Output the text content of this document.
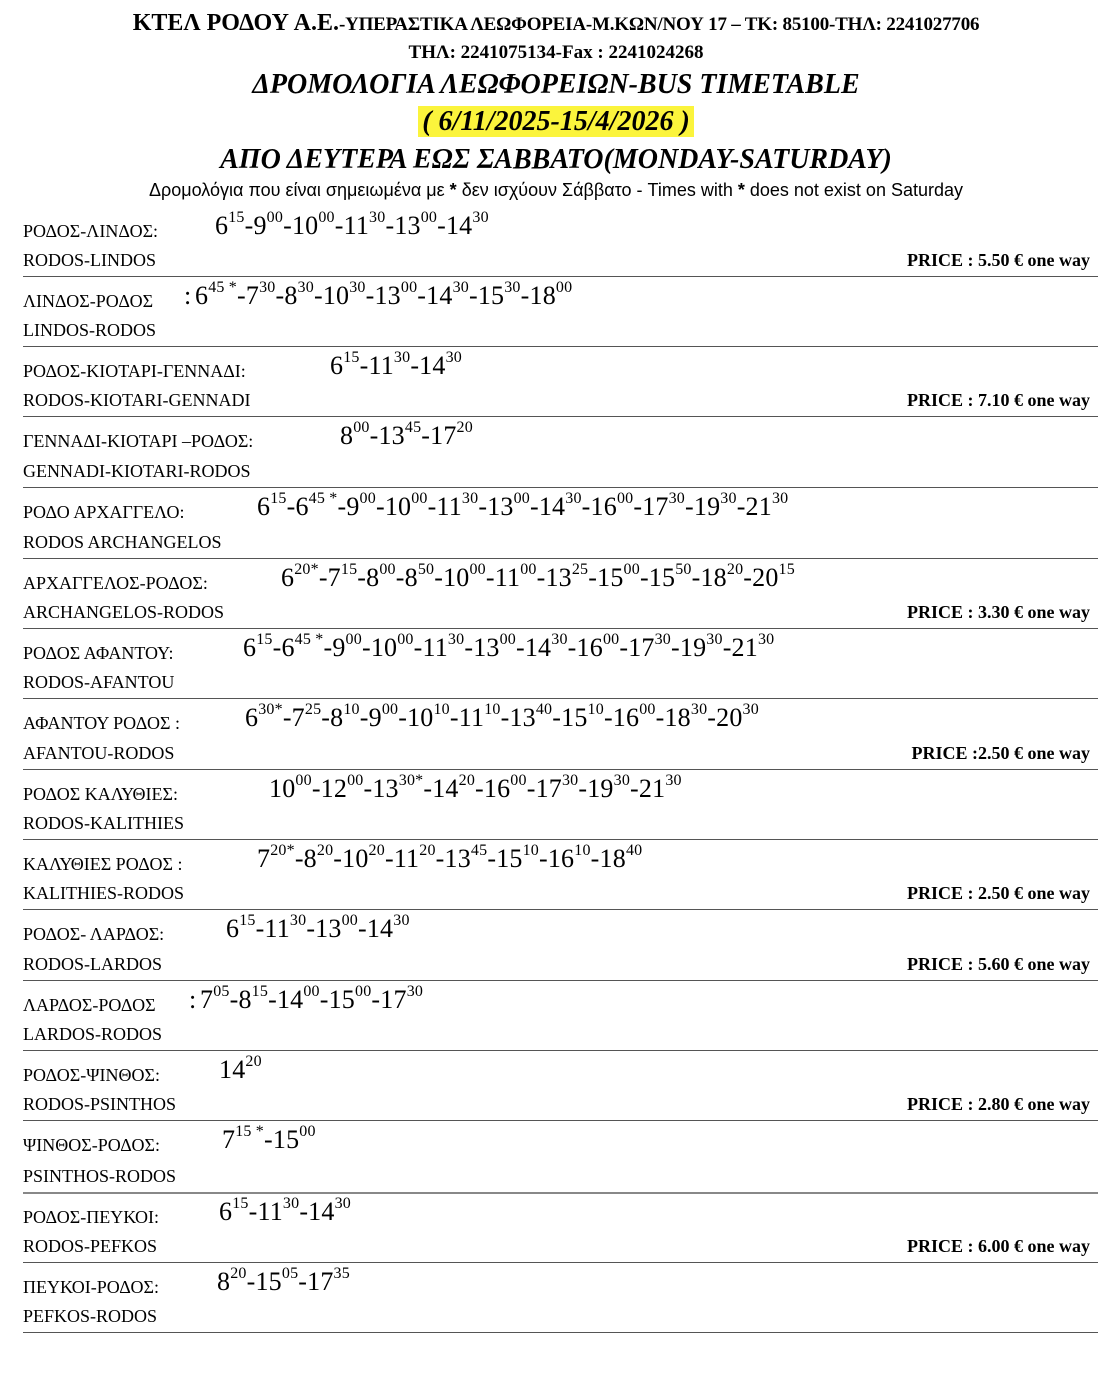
ΚΤΕΛ ΡΟΔΟΥ Α.Ε.-ΥΠΕΡΑΣΤΙΚΑ ΛΕΩΦΟΡΕΙΑ-Μ.ΚΩΝ/ΝΟΥ 17 – ΤΚ: 85100-ΤΗΛ: 2241027706
ΤΗΛ: 2241075134-Fax : 2241024268
ΔΡΟΜΟΛΟΓΙΑ ΛΕΩΦΟΡΕΙΩΝ-BUS TIMETABLE
( 6/11/2025-15/4/2026 )
ΑΠΟ ΔΕΥΤΕΡΑ ΕΩΣ ΣΑΒΒΑΤΟ(MONDAY-SATURDAY)
Δρομολόγια που είναι σημειωμένα με * δεν ισχύουν Σάββατο - Times with * does not exist on Saturday
ΡΟΔΟΣ-ΛΙΝΔΟΣ: $6^{15}-9^{00}-10^{00}-11^{30}-13^{00}-14^{30}$
RODOS-LINDOS	PRICE : 5.50 € one way
ΛΙΝΔΟΣ-ΡΟΔΟΣ : $6^{45 *}-7^{30}-8^{30}-10^{30}-13^{00}-14^{30}-15^{30}-18^{00}$
LINDOS-RODOS
ΡΟΔΟΣ-ΚΙΟΤΑΡΙ-ΓΕΝΝΑΔΙ:	$6^{15}-11^{30}-14^{30}$
RODOS-KIOTARI-GENNADI	PRICE : 7.10 € one way
ΓΕΝΝΑΔΙ-ΚΙΟΤΑΡΙ –ΡΟΔΟΣ:	$8^{00}-13^{45}-17^{20}$
GENNADI-KIOTARI-RODOS
ΡΟΔΟ ΑΡΧΑΓΓΕΛΟ:	$6^{15}-6^{45 *}-9^{00}-10^{00}-11^{30}-13^{00}-14^{30}-16^{00}-17^{30}-19^{30}-21^{30}$
RODOS ARCHANGELOS
ΑΡΧΑΓΓΕΛΟΣ-ΡΟΔΟΣ:	$6^{20*}-7^{15}-8^{00}-8^{50}-10^{00}-11^{00}-13^{25}-15^{00}-15^{50}-18^{20}-20^{15}$
ARCHANGELOS-RODOS	PRICE : 3.30 € one way
ΡΟΔΟΣ ΑΦΑΝΤΟΥ:	$6^{15}-6^{45 *}-9^{00}-10^{00}-11^{30}-13^{00}-14^{30}-16^{00}-17^{30}-19^{30}-21^{30}$
RODOS-AFANTOU
ΑΦΑΝΤΟΥ ΡΟΔΟΣ :	$6^{30*}-7^{25}-8^{10}-9^{00}-10^{10}-11^{10}-13^{40}-15^{10}-16^{00}-18^{30}-20^{30}$
AFANTOU-RODOS	PRICE :2.50 € one way
ΡΟΔΟΣ ΚΑΛΥΘΙΕΣ:	$10^{00}-12^{00}-13^{30*}-14^{20}-16^{00}-17^{30}-19^{30}-21^{30}$
RODOS-KALITHIES
ΚΑΛΥΘΙΕΣ ΡΟΔΟΣ :	$7^{20*}-8^{20}-10^{20}-11^{20}-13^{45}-15^{10}-16^{10}-18^{40}$
KALITHIES-RODOS	PRICE : 2.50 € one way
ΡΟΔΟΣ- ΛΑΡΔΟΣ: $6^{15}-11^{30}-13^{00}-14^{30}$
RODOS-LARDOS	PRICE : 5.60 € one way
ΛΑΡΔΟΣ-ΡΟΔΟΣ : $7^{05}-8^{15}-14^{00}-15^{00}-17^{30}$
LARDOS-RODOS
ΡΟΔΟΣ-ΨΙΝΘΟΣ: $14^{20}$
RODOS-PSINTHOS	PRICE : 2.80 € one way
ΨΙΝΘΟΣ-ΡΟΔΟΣ: $7^{15 *}-15^{00}$
PSINTHOS-RODOS
ΡΟΔΟΣ-ΠΕΥΚΟΙ: $6^{15}-11^{30}-14^{30}$
RODOS-PEFKOS	PRICE : 6.00 € one way
ΠΕΥΚΟΙ-ΡΟΔΟΣ: $8^{20}-15^{05}-17^{35}$
PEFKOS-RODOS
